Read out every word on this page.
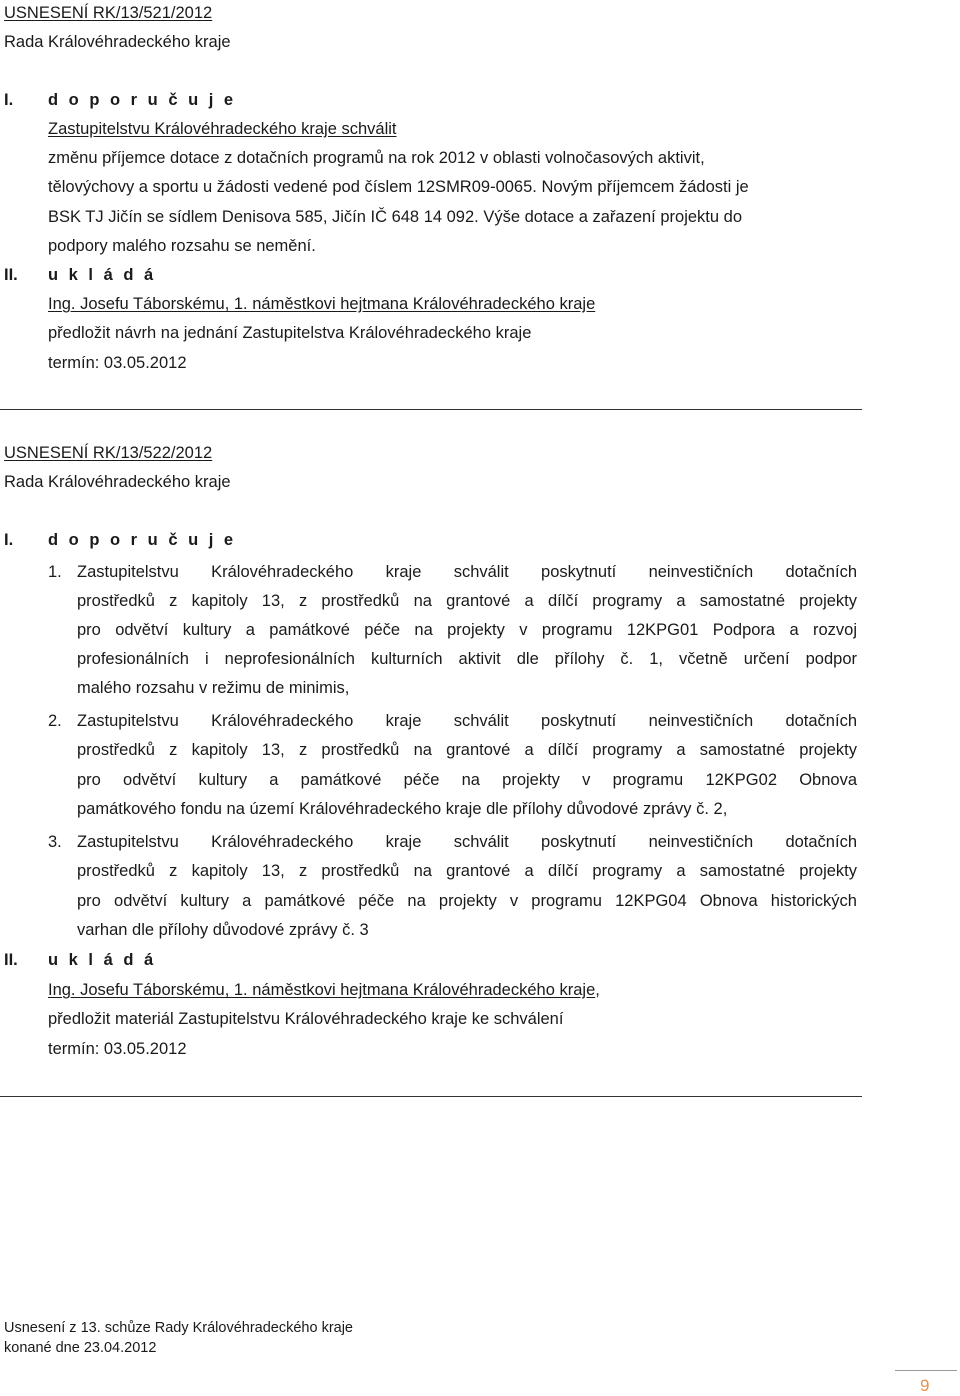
USNESENÍ RK/13/521/2012
Rada Královéhradeckého kraje
I. d o p o r u č u j e
Zastupitelstvu Královéhradeckého kraje schválit
změnu příjemce dotace z dotačních programů na rok 2012 v oblasti volnočasových aktivit,
tělovýchovy a sportu u žádosti vedené pod číslem 12SMR09-0065. Novým příjemcem žádosti je
BSK TJ Jičín se sídlem Denisova 585, Jičín IČ 648 14 092. Výše dotace a zařazení projektu do
podpory malého rozsahu se nemění.
II. u k l á d á
Ing. Josefu Táborskému, 1. náměstkovi hejtmana Královéhradeckého kraje
předložit návrh na jednání Zastupitelstva Královéhradeckého kraje
termín: 03.05.2012
USNESENÍ RK/13/522/2012
Rada Královéhradeckého kraje
I. d o p o r u č u j e
1. Zastupitelstvu Královéhradeckého kraje schválit poskytnutí neinvestičních dotačních
prostředků z kapitoly 13, z prostředků na grantové a dílčí programy a samostatné projekty
pro odvětví kultury a památkové péče na projekty v programu 12KPG01 Podpora a rozvoj
profesionálních i neprofesionálních kulturních aktivit dle přílohy č. 1, včetně určení podpor
malého rozsahu v režimu de minimis,
2. Zastupitelstvu Královéhradeckého kraje schválit poskytnutí neinvestičních dotačních
prostředků z kapitoly 13, z prostředků na grantové a dílčí programy a samostatné projekty
pro odvětví kultury a památkové péče na projekty v programu 12KPG02 Obnova
památkového fondu na území Královéhradeckého kraje dle přílohy důvodové zprávy č. 2,
3. Zastupitelstvu Královéhradeckého kraje schválit poskytnutí neinvestičních dotačních
prostředků z kapitoly 13, z prostředků na grantové a dílčí programy a samostatné projekty
pro odvětví kultury a památkové péče na projekty v programu 12KPG04 Obnova historických
varhan dle přílohy důvodové zprávy č. 3
II. u k l á d á
Ing. Josefu Táborskému, 1. náměstkovi hejtmana Královéhradeckého kraje,
předložit materiál Zastupitelstvu Královéhradeckého kraje ke schválení
termín: 03.05.2012
Usnesení z 13. schůze Rady Královéhradeckého kraje
konané dne 23.04.2012
9
